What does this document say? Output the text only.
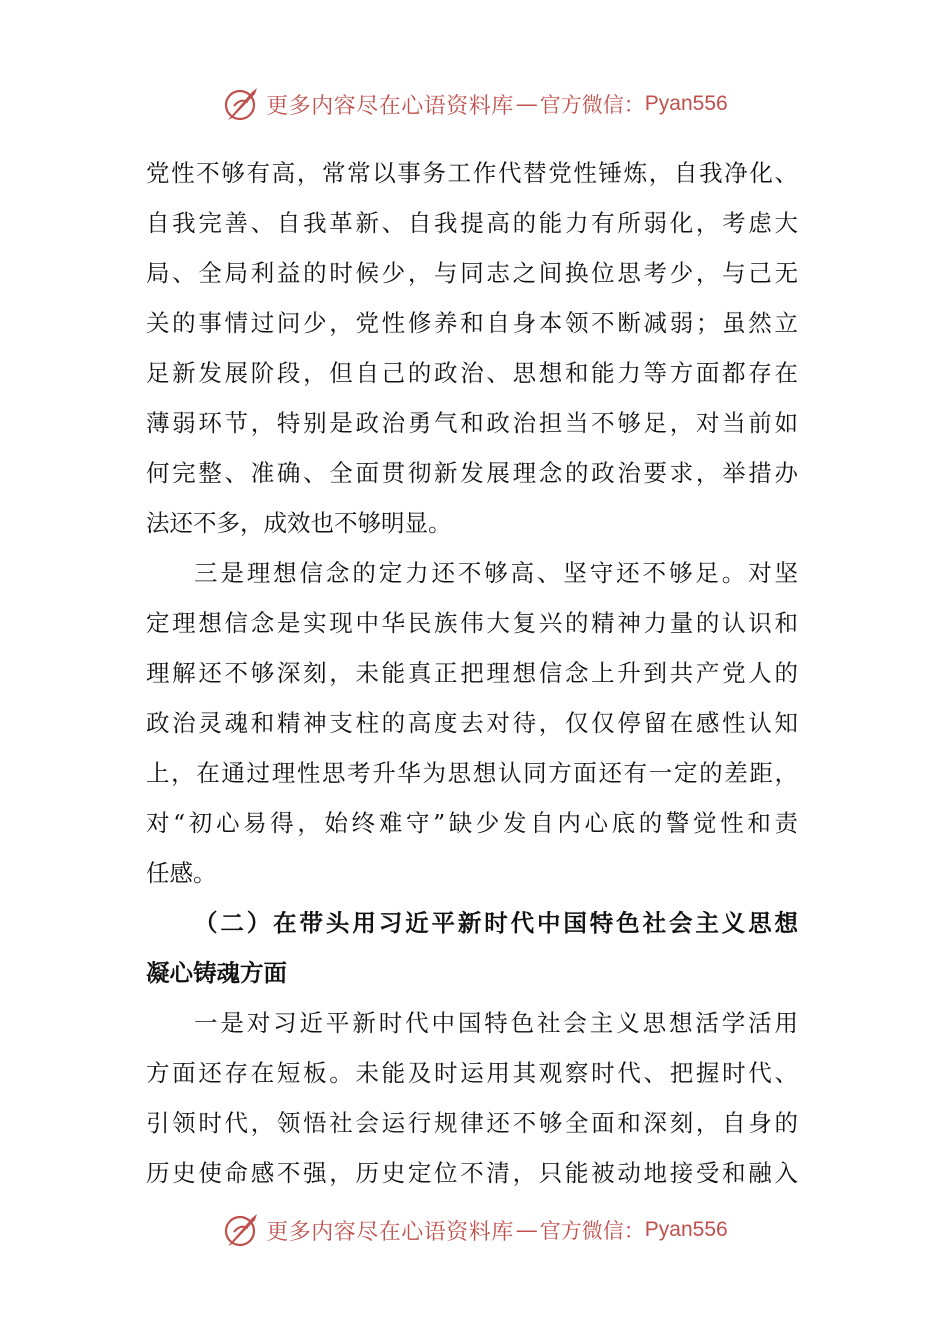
更多内容尽在心语资料库 — 官方微信： Pyan556
党性不够有高，常常以事务工作代替党性锤炼，自我净化、
自我完善、自我革新、自我提高的能力有所弱化，考虑大
局、全局利益的时候少，与同志之间换位思考少，与己无
关的事情过问少，党性修养和自身本领不断减弱；虽然立
足新发展阶段，但自己的政治、思想和能力等方面都存在
薄弱环节，特别是政治勇气和政治担当不够足，对当前如
何完整、准确、全面贯彻新发展理念的政治要求，举措办
法还不多，成效也不够明显。
三是理想信念的定力还不够高、坚守还不够足。对坚
定理想信念是实现中华民族伟大复兴的精神力量的认识和
理解还不够深刻，未能真正把理想信念上升到共产党人的
政治灵魂和精神支柱的高度去对待，仅仅停留在感性认知
上，在通过理性思考升华为思想认同方面还有一定的差距，
对“初心易得，始终难守”缺少发自内心底的警觉性和责
任感。
（二）在带头用习近平新时代中国特色社会主义思想
凝心铸魂方面
一是对习近平新时代中国特色社会主义思想活学活用
方面还存在短板。未能及时运用其观察时代、把握时代、
引领时代，领悟社会运行规律还不够全面和深刻，自身的
历史使命感不强，历史定位不清，只能被动地接受和融入
更多内容尽在心语资料库 — 官方微信： Pyan556
